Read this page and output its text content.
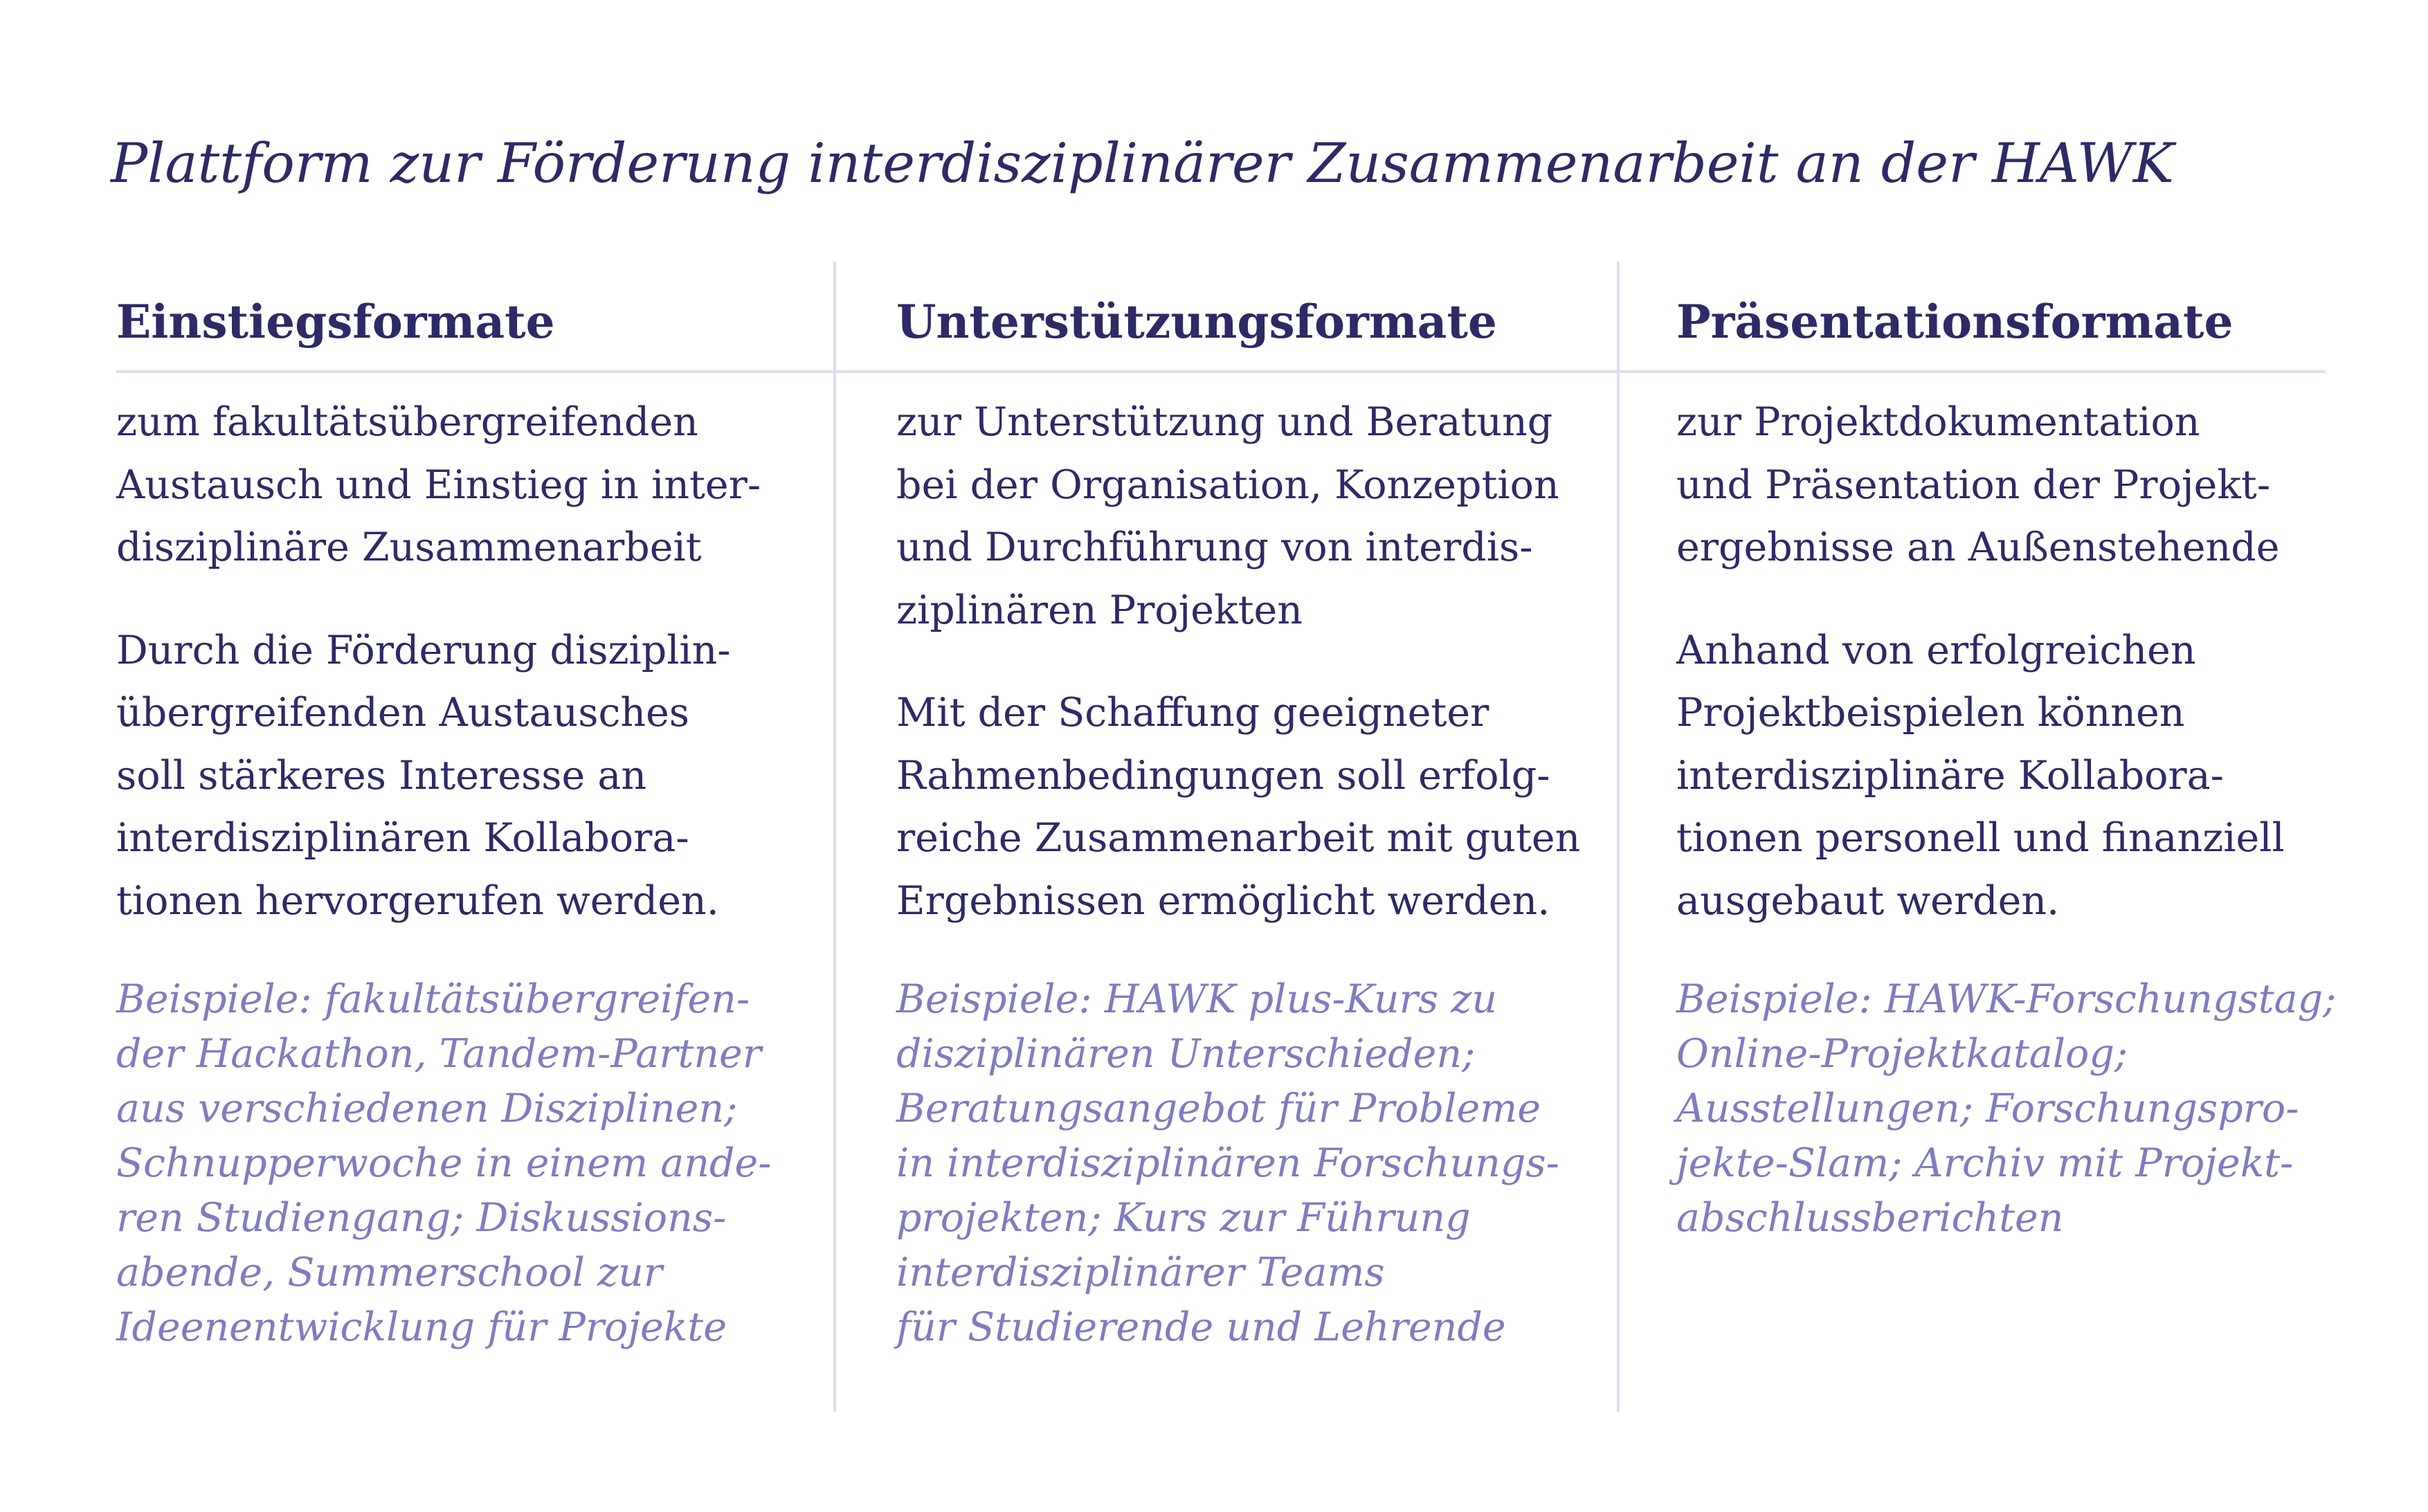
Plattform zur Förderung interdisziplinärer Zusammenarbeit an der HAWK
Einstiegsformate

zum fakultätsübergreifenden
Austausch und Einstieg in inter-
disziplinäre Zusammenarbeit

Durch die Förderung disziplin-
übergreifenden Austausches
soll stärkeres Interesse an
interdisziplinären Kollabora-
tionen hervorgerufen werden.

Beispiele: fakultätsübergreifen-
der Hackathon, Tandem-Partner
aus verschiedenen Disziplinen;
Schnupperwoche in einem ande-
ren Studiengang; Diskussions-
abende, Summerschool zur
Ideenentwicklung für Projekte

Unterstützungsformate

zur Unterstützung und Beratung
bei der Organisation, Konzeption
und Durchführung von interdis-
ziplinären Projekten

Mit der Schaffung geeigneter
Rahmenbedingungen soll erfolg-
reiche Zusammenarbeit mit guten
Ergebnissen ermöglicht werden.

Beispiele: HAWK plus-Kurs zu
disziplinären Unterschieden;
Beratungsangebot für Probleme
in interdisziplinären Forschungs-
projekten; Kurs zur Führung
interdisziplinärer Teams
für Studierende und Lehrende

Präsentationsformate

zur Projektdokumentation
und Präsentation der Projekt-
ergebnisse an Außenstehende

Anhand von erfolgreichen
Projektbeispielen können
interdisziplinäre Kollabora-
tionen personell und finanziell
ausgebaut werden.

Beispiele: HAWK-Forschungstag;
Online-Projektkatalog;
Ausstellungen; Forschungspro-
jekte-Slam; Archiv mit Projekt-
abschlussberichten
